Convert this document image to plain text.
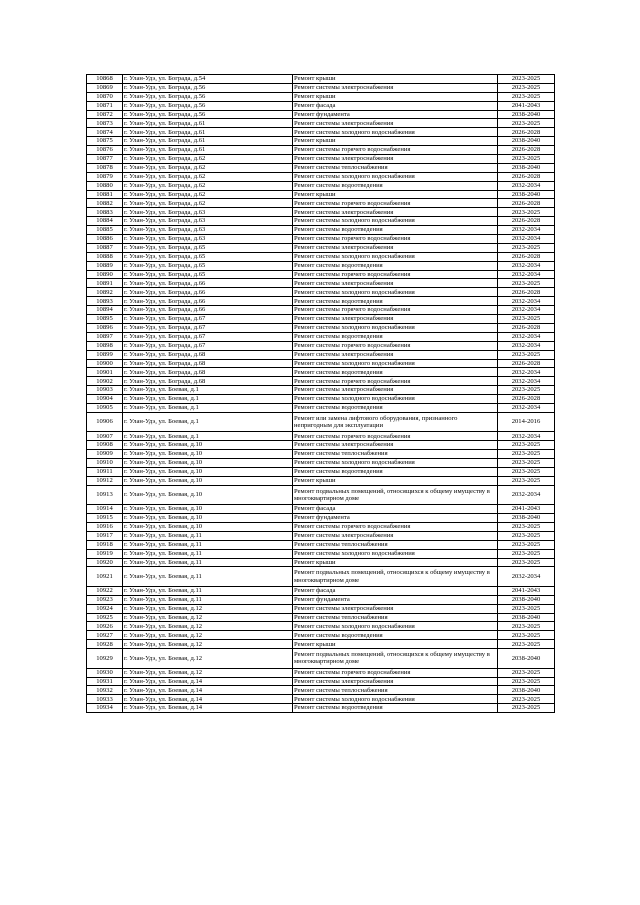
10868	г. Улан-Удэ, ул. Бограда, д.54	Ремонт крыши	2023-2025
10869	г. Улан-Удэ, ул. Бограда, д.56	Ремонт системы электроснабжения	2023-2025
10870	г. Улан-Удэ, ул. Бограда, д.56	Ремонт крыши	2023-2025
10871	г. Улан-Удэ, ул. Бограда, д.56	Ремонт фасада	2041-2043
10872	г. Улан-Удэ, ул. Бограда, д.56	Ремонт фундамента	2038-2040
10873	г. Улан-Удэ, ул. Бограда, д.61	Ремонт системы электроснабжения	2023-2025
10874	г. Улан-Удэ, ул. Бограда, д.61	Ремонт системы холодного водоснабжения	2026-2028
10875	г. Улан-Удэ, ул. Бограда, д.61	Ремонт крыши	2038-2040
10876	г. Улан-Удэ, ул. Бограда, д.61	Ремонт системы горячего водоснабжения	2026-2028
10877	г. Улан-Удэ, ул. Бограда, д.62	Ремонт системы электроснабжения	2023-2025
10878	г. Улан-Удэ, ул. Бограда, д.62	Ремонт системы теплоснабжения	2038-2040
10879	г. Улан-Удэ, ул. Бограда, д.62	Ремонт системы холодного водоснабжения	2026-2028
10880	г. Улан-Удэ, ул. Бограда, д.62	Ремонт системы водоотведения	2032-2034
10881	г. Улан-Удэ, ул. Бограда, д.62	Ремонт крыши	2038-2040
10882	г. Улан-Удэ, ул. Бограда, д.62	Ремонт системы горячего водоснабжения	2026-2028
10883	г. Улан-Удэ, ул. Бограда, д.63	Ремонт системы электроснабжения	2023-2025
10884	г. Улан-Удэ, ул. Бограда, д.63	Ремонт системы холодного водоснабжения	2026-2028
10885	г. Улан-Удэ, ул. Бограда, д.63	Ремонт системы водоотведения	2032-2034
10886	г. Улан-Удэ, ул. Бограда, д.63	Ремонт системы горячего водоснабжения	2032-2034
10887	г. Улан-Удэ, ул. Бограда, д.65	Ремонт системы электроснабжения	2023-2025
10888	г. Улан-Удэ, ул. Бограда, д.65	Ремонт системы холодного водоснабжения	2026-2028
10889	г. Улан-Удэ, ул. Бограда, д.65	Ремонт системы водоотведения	2032-2034
10890	г. Улан-Удэ, ул. Бограда, д.65	Ремонт системы горячего водоснабжения	2032-2034
10891	г. Улан-Удэ, ул. Бограда, д.66	Ремонт системы электроснабжения	2023-2025
10892	г. Улан-Удэ, ул. Бограда, д.66	Ремонт системы холодного водоснабжения	2026-2028
10893	г. Улан-Удэ, ул. Бограда, д.66	Ремонт системы водоотведения	2032-2034
10894	г. Улан-Удэ, ул. Бограда, д.66	Ремонт системы горячего водоснабжения	2032-2034
10895	г. Улан-Удэ, ул. Бограда, д.67	Ремонт системы электроснабжения	2023-2025
10896	г. Улан-Удэ, ул. Бограда, д.67	Ремонт системы холодного водоснабжения	2026-2028
10897	г. Улан-Удэ, ул. Бограда, д.67	Ремонт системы водоотведения	2032-2034
10898	г. Улан-Удэ, ул. Бограда, д.67	Ремонт системы горячего водоснабжения	2032-2034
10899	г. Улан-Удэ, ул. Бограда, д.68	Ремонт системы электроснабжения	2023-2025
10900	г. Улан-Удэ, ул. Бограда, д.68	Ремонт системы холодного водоснабжения	2026-2028
10901	г. Улан-Удэ, ул. Бограда, д.68	Ремонт системы водоотведения	2032-2034
10902	г. Улан-Удэ, ул. Бограда, д.68	Ремонт системы горячего водоснабжения	2032-2034
10903	г. Улан-Удэ, ул. Боевая, д.1	Ремонт системы электроснабжения	2023-2025
10904	г. Улан-Удэ, ул. Боевая, д.1	Ремонт системы холодного водоснабжения	2026-2028
10905	г. Улан-Удэ, ул. Боевая, д.1	Ремонт системы водоотведения	2032-2034
10906	г. Улан-Удэ, ул. Боевая, д.1	Ремонт или замена лифтового оборудования, признанного непригодным для эксплуатации	2014-2016
10907	г. Улан-Удэ, ул. Боевая, д.1	Ремонт системы горячего водоснабжения	2032-2034
10908	г. Улан-Удэ, ул. Боевая, д.10	Ремонт системы электроснабжения	2023-2025
10909	г. Улан-Удэ, ул. Боевая, д.10	Ремонт системы теплоснабжения	2023-2025
10910	г. Улан-Удэ, ул. Боевая, д.10	Ремонт системы холодного водоснабжения	2023-2025
10911	г. Улан-Удэ, ул. Боевая, д.10	Ремонт системы водоотведения	2023-2025
10912	г. Улан-Удэ, ул. Боевая, д.10	Ремонт крыши	2023-2025
10913	г. Улан-Удэ, ул. Боевая, д.10	Ремонт подвальных помещений, относящихся к общему имуществу в многоквартирном доме	2032-2034
10914	г. Улан-Удэ, ул. Боевая, д.10	Ремонт фасада	2041-2043
10915	г. Улан-Удэ, ул. Боевая, д.10	Ремонт фундамента	2038-2040
10916	г. Улан-Удэ, ул. Боевая, д.10	Ремонт системы горячего водоснабжения	2023-2025
10917	г. Улан-Удэ, ул. Боевая, д.11	Ремонт системы электроснабжения	2023-2025
10918	г. Улан-Удэ, ул. Боевая, д.11	Ремонт системы теплоснабжения	2023-2025
10919	г. Улан-Удэ, ул. Боевая, д.11	Ремонт системы холодного водоснабжения	2023-2025
10920	г. Улан-Удэ, ул. Боевая, д.11	Ремонт крыши	2023-2025
10921	г. Улан-Удэ, ул. Боевая, д.11	Ремонт подвальных помещений, относящихся к общему имуществу в многоквартирном доме	2032-2034
10922	г. Улан-Удэ, ул. Боевая, д.11	Ремонт фасада	2041-2043
10923	г. Улан-Удэ, ул. Боевая, д.11	Ремонт фундамента	2038-2040
10924	г. Улан-Удэ, ул. Боевая, д.12	Ремонт системы электроснабжения	2023-2025
10925	г. Улан-Удэ, ул. Боевая, д.12	Ремонт системы теплоснабжения	2038-2040
10926	г. Улан-Удэ, ул. Боевая, д.12	Ремонт системы холодного водоснабжения	2023-2025
10927	г. Улан-Удэ, ул. Боевая, д.12	Ремонт системы водоотведения	2023-2025
10928	г. Улан-Удэ, ул. Боевая, д.12	Ремонт крыши	2023-2025
10929	г. Улан-Удэ, ул. Боевая, д.12	Ремонт подвальных помещений, относящихся к общему имуществу в многоквартирном доме	2038-2040
10930	г. Улан-Удэ, ул. Боевая, д.12	Ремонт системы горячего водоснабжения	2023-2025
10931	г. Улан-Удэ, ул. Боевая, д.14	Ремонт системы электроснабжения	2023-2025
10932	г. Улан-Удэ, ул. Боевая, д.14	Ремонт системы теплоснабжения	2038-2040
10933	г. Улан-Удэ, ул. Боевая, д.14	Ремонт системы холодного водоснабжения	2023-2025
10934	г. Улан-Удэ, ул. Боевая, д.14	Ремонт системы водоотведения	2023-2025
